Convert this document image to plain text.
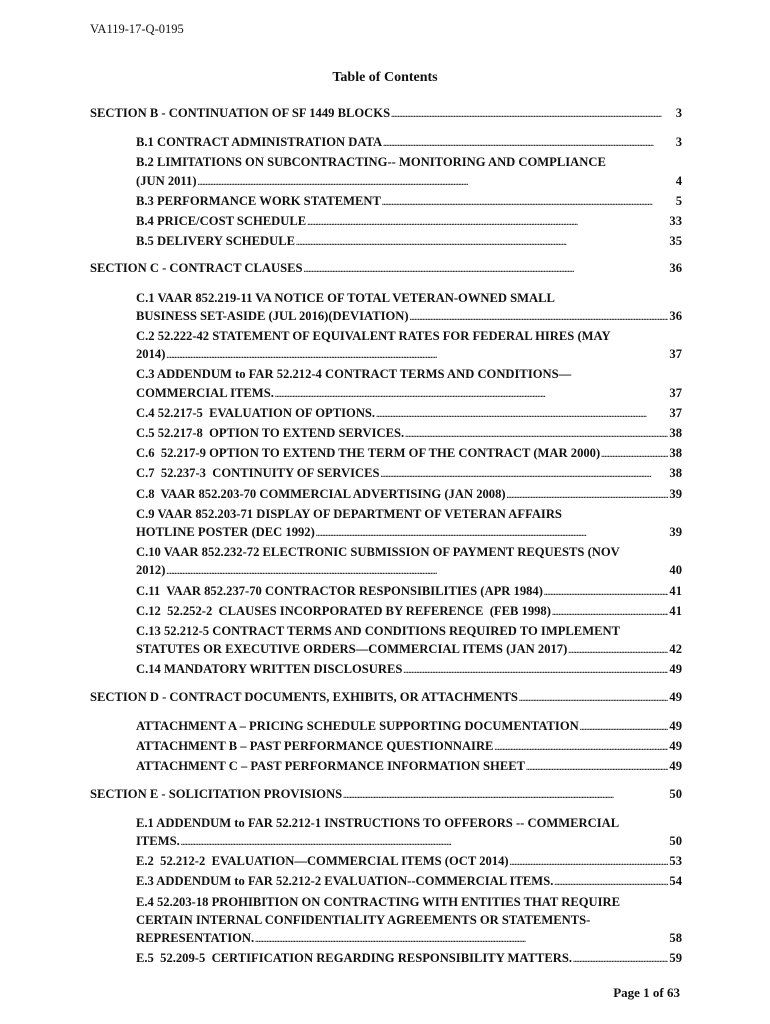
VA119-17-Q-0195
Table of Contents
SECTION B - CONTINUATION OF SF 1449 BLOCKS . . .	3
B.1 CONTRACT ADMINISTRATION DATA . . .	3
B.2 LIMITATIONS ON SUBCONTRACTING-- MONITORING AND COMPLIANCE
(JUN 2011) . . .	4
B.3 PERFORMANCE WORK STATEMENT . . .	5
B.4 PRICE/COST SCHEDULE . . .	33
B.5 DELIVERY SCHEDULE . . .	35
SECTION C - CONTRACT CLAUSES . . .	36
C.1 VAAR 852.219-11 VA NOTICE OF TOTAL VETERAN-OWNED SMALL
BUSINESS SET-ASIDE (JUL 2016)(DEVIATION) . . .	36
C.2 52.222-42 STATEMENT OF EQUIVALENT RATES FOR FEDERAL HIRES (MAY
2014) . . .	37
C.3 ADDENDUM to FAR 52.212-4 CONTRACT TERMS AND CONDITIONS—
COMMERCIAL ITEMS. . . .	37
C.4 52.217-5  EVALUATION OF OPTIONS. . . .	37
C.5 52.217-8  OPTION TO EXTEND SERVICES. . . .	38
C.6  52.217-9 OPTION TO EXTEND THE TERM OF THE CONTRACT (MAR 2000) . . .	38
C.7  52.237-3  CONTINUITY OF SERVICES . . .	38
C.8  VAAR 852.203-70 COMMERCIAL ADVERTISING (JAN 2008) . . .	39
C.9 VAAR 852.203-71 DISPLAY OF DEPARTMENT OF VETERAN AFFAIRS
HOTLINE POSTER (DEC 1992) . . .	39
C.10 VAAR 852.232-72 ELECTRONIC SUBMISSION OF PAYMENT REQUESTS (NOV
2012) . . .	40
C.11  VAAR 852.237-70 CONTRACTOR RESPONSIBILITIES (APR 1984) . . .	41
C.12  52.252-2  CLAUSES INCORPORATED BY REFERENCE  (FEB 1998) . . .	41
C.13 52.212-5 CONTRACT TERMS AND CONDITIONS REQUIRED TO IMPLEMENT
STATUTES OR EXECUTIVE ORDERS—COMMERCIAL ITEMS (JAN 2017) . . .	42
C.14 MANDATORY WRITTEN DISCLOSURES . . .	49
SECTION D - CONTRACT DOCUMENTS, EXHIBITS, OR ATTACHMENTS . . .	49
ATTACHMENT A – PRICING SCHEDULE SUPPORTING DOCUMENTATION . . .	49
ATTACHMENT B – PAST PERFORMANCE QUESTIONNAIRE . . .	49
ATTACHMENT C – PAST PERFORMANCE INFORMATION SHEET . . .	49
SECTION E - SOLICITATION PROVISIONS . . .	50
E.1 ADDENDUM to FAR 52.212-1 INSTRUCTIONS TO OFFERORS -- COMMERCIAL
ITEMS. . . .	50
E.2  52.212-2  EVALUATION—COMMERCIAL ITEMS (OCT 2014) . . .	53
E.3 ADDENDUM to FAR 52.212-2 EVALUATION--COMMERCIAL ITEMS. . . .	54
E.4 52.203-18 PROHIBITION ON CONTRACTING WITH ENTITIES THAT REQUIRE
CERTAIN INTERNAL CONFIDENTIALITY AGREEMENTS OR STATEMENTS-
REPRESENTATION. . . .	58
E.5  52.209-5  CERTIFICATION REGARDING RESPONSIBILITY MATTERS. . . .	59
Page 1 of 63
